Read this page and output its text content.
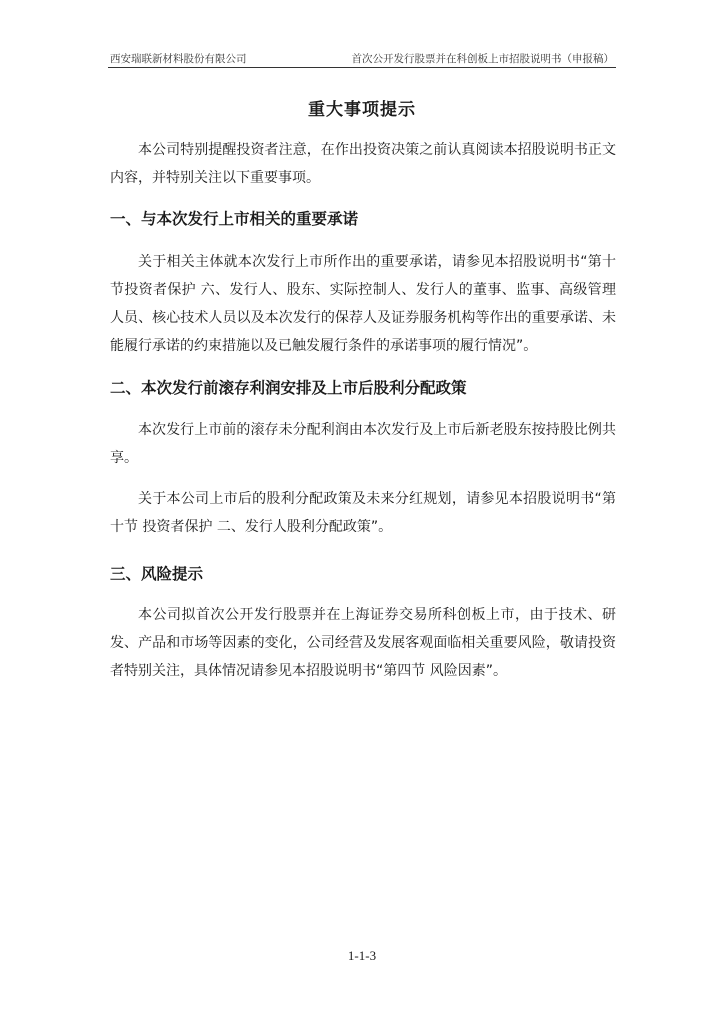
西安瑞联新材料股份有限公司	首次公开发行股票并在科创板上市招股说明书（申报稿）
重大事项提示

本公司特别提醒投资者注意，在作出投资决策之前认真阅读本招股说明书正文内容，并特别关注以下重要事项。

一、与本次发行上市相关的重要承诺

关于相关主体就本次发行上市所作出的重要承诺，请参见本招股说明书“第十节投资者保护 六、发行人、股东、实际控制人、发行人的董事、监事、高级管理人员、核心技术人员以及本次发行的保荐人及证券服务机构等作出的重要承诺、未能履行承诺的约束措施以及已触发履行条件的承诺事项的履行情况”。

二、本次发行前滚存利润安排及上市后股利分配政策

本次发行上市前的滚存未分配利润由本次发行及上市后新老股东按持股比例共享。

关于本公司上市后的股利分配政策及未来分红规划，请参见本招股说明书“第十节 投资者保护 二、发行人股利分配政策”。

三、风险提示

本公司拟首次公开发行股票并在上海证券交易所科创板上市，由于技术、研发、产品和市场等因素的变化，公司经营及发展客观面临相关重要风险，敬请投资者特别关注，具体情况请参见本招股说明书“第四节 风险因素”。

1-1-3
